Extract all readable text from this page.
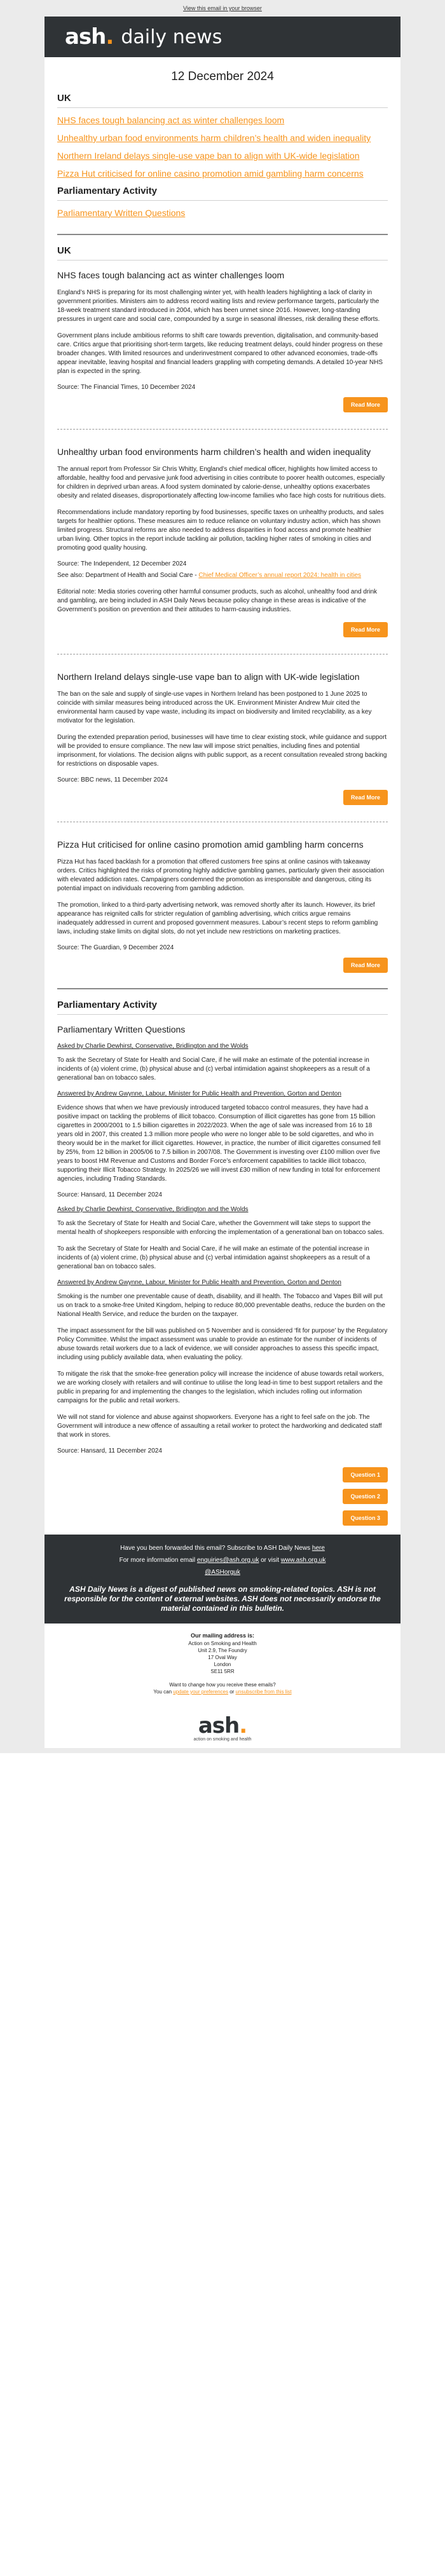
View this email in your browser
ash. daily news
12 December 2024
UK
NHS faces tough balancing act as winter challenges loom
Unhealthy urban food environments harm children’s health and widen inequality
Northern Ireland delays single-use vape ban to align with UK-wide legislation
Pizza Hut criticised for online casino promotion amid gambling harm concerns
Parliamentary Activity
Parliamentary Written Questions
UK
NHS faces tough balancing act as winter challenges loom

England’s NHS is preparing for its most challenging winter yet, with health leaders highlighting a lack of clarity in government priorities. Ministers aim to address record waiting lists and review performance targets, particularly the 18-week treatment standard introduced in 2004, which has been unmet since 2016. However, long-standing pressures in urgent care and social care, compounded by a surge in seasonal illnesses, risk derailing these efforts.

Government plans include ambitious reforms to shift care towards prevention, digitalisation, and community-based care. Critics argue that prioritising short-term targets, like reducing treatment delays, could hinder progress on these broader changes. With limited resources and underinvestment compared to other advanced economies, trade-offs appear inevitable, leaving hospital and financial leaders grappling with competing demands. A detailed 10-year NHS plan is expected in the spring.

Source: The Financial Times, 10 December 2024
Read More
Unhealthy urban food environments harm children’s health and widen inequality

The annual report from Professor Sir Chris Whitty, England’s chief medical officer, highlights how limited access to affordable, healthy food and pervasive junk food advertising in cities contribute to poorer health outcomes, especially for children in deprived urban areas. A food system dominated by calorie-dense, unhealthy options exacerbates obesity and related diseases, disproportionately affecting low-income families who face high costs for nutritious diets.

Recommendations include mandatory reporting by food businesses, specific taxes on unhealthy products, and sales targets for healthier options. These measures aim to reduce reliance on voluntary industry action, which has shown limited progress. Structural reforms are also needed to address disparities in food access and promote healthier urban living. Other topics in the report include tackling air pollution, tackling higher rates of smoking in cities and promoting good quality housing.

Source: The Independent, 12 December 2024

See also: Department of Health and Social Care - Chief Medical Officer’s annual report 2024: health in cities

Editorial note: Media stories covering other harmful consumer products, such as alcohol, unhealthy food and drink and gambling, are being included in ASH Daily News because policy change in these areas is indicative of the Government’s position on prevention and their attitudes to harm-causing industries.

Read More
Northern Ireland delays single-use vape ban to align with UK-wide legislation

The ban on the sale and supply of single-use vapes in Northern Ireland has been postponed to 1 June 2025 to coincide with similar measures being introduced across the UK. Environment Minister Andrew Muir cited the environmental harm caused by vape waste, including its impact on biodiversity and limited recyclability, as a key motivator for the legislation.

During the extended preparation period, businesses will have time to clear existing stock, while guidance and support will be provided to ensure compliance. The new law will impose strict penalties, including fines and potential imprisonment, for violations. The decision aligns with public support, as a recent consultation revealed strong backing for restrictions on disposable vapes.

Source: BBC news, 11 December 2024
Read More
Pizza Hut criticised for online casino promotion amid gambling harm concerns

Pizza Hut has faced backlash for a promotion that offered customers free spins at online casinos with takeaway orders. Critics highlighted the risks of promoting highly addictive gambling games, particularly given their association with elevated addiction rates. Campaigners condemned the promotion as irresponsible and dangerous, citing its potential impact on individuals recovering from gambling addiction.

The promotion, linked to a third-party advertising network, was removed shortly after its launch. However, its brief appearance has reignited calls for stricter regulation of gambling advertising, which critics argue remains inadequately addressed in current and proposed government measures. Labour’s recent steps to reform gambling laws, including stake limits on digital slots, do not yet include new restrictions on marketing practices.

Source: The Guardian, 9 December 2024
Read More
Parliamentary Activity
Parliamentary Written Questions
Asked by Charlie Dewhirst, Conservative, Bridlington and the Wolds

To ask the Secretary of State for Health and Social Care, if he will make an estimate of the potential increase in incidents of (a) violent crime, (b) physical abuse and (c) verbal intimidation against shopkeepers as a result of a generational ban on tobacco sales.

Answered by Andrew Gwynne, Labour, Minister for Public Health and Prevention, Gorton and Denton

Evidence shows that when we have previously introduced targeted tobacco control measures, they have had a positive impact on tackling the problems of illicit tobacco. Consumption of illicit cigarettes has gone from 15 billion cigarettes in 2000/2001 to 1.5 billion cigarettes in 2022/2023. When the age of sale was increased from 16 to 18 years old in 2007, this created 1.3 million more people who were no longer able to be sold cigarettes, and who in theory would be in the market for illicit cigarettes. However, in practice, the number of illicit cigarettes consumed fell by 25%, from 12 billion in 2005/06 to 7.5 billion in 2007/08. The Government is investing over £100 million over five years to boost HM Revenue and Customs and Border Force’s enforcement capabilities to tackle illicit tobacco, supporting their Illicit Tobacco Strategy. In 2025/26 we will invest £30 million of new funding in total for enforcement agencies, including Trading Standards.

Source: Hansard, 11 December 2024
Asked by Charlie Dewhirst, Conservative, Bridlington and the Wolds

To ask the Secretary of State for Health and Social Care, whether the Government will take steps to support the mental health of shopkeepers responsible with enforcing the implementation of a generational ban on tobacco sales.

To ask the Secretary of State for Health and Social Care, if he will make an estimate of the potential increase in incidents of (a) violent crime, (b) physical abuse and (c) verbal intimidation against shopkeepers as a result of a generational ban on tobacco sales.

Answered by Andrew Gwynne, Labour, Minister for Public Health and Prevention, Gorton and Denton

Smoking is the number one preventable cause of death, disability, and ill health. The Tobacco and Vapes Bill will put us on track to a smoke-free United Kingdom, helping to reduce 80,000 preventable deaths, reduce the burden on the National Health Service, and reduce the burden on the taxpayer.

The impact assessment for the bill was published on 5 November and is considered ‘fit for purpose’ by the Regulatory Policy Committee. Whilst the impact assessment was unable to provide an estimate for the number of incidents of abuse towards retail workers due to a lack of evidence, we will consider approaches to assess this specific impact, including using publicly available data, when evaluating the policy.

To mitigate the risk that the smoke-free generation policy will increase the incidence of abuse towards retail workers, we are working closely with retailers and will continue to utilise the long lead-in time to best support retailers and the public in preparing for and implementing the changes to the legislation, which includes rolling out information campaigns for the public and retail workers.

We will not stand for violence and abuse against shopworkers. Everyone has a right to feel safe on the job. The Government will introduce a new offence of assaulting a retail worker to protect the hardworking and dedicated staff that work in stores.

Source: Hansard, 11 December 2024
Question 1
Question 2
Question 3
Have you been forwarded this email? Subscribe to ASH Daily News here
For more information email enquiries@ash.org.uk or visit www.ash.org.uk
@ASHorguk
ASH Daily News is a digest of published news on smoking-related topics. ASH is not responsible for the content of external websites. ASH does not necessarily endorse the material contained in this bulletin.
Our mailing address is:
Action on Smoking and Health
Unit 2.9, The Foundry
17 Oval Way
London
SE11 5RR
Want to change how you receive these emails?
You can update your preferences or unsubscribe from this list
ash.
action on smoking and health
